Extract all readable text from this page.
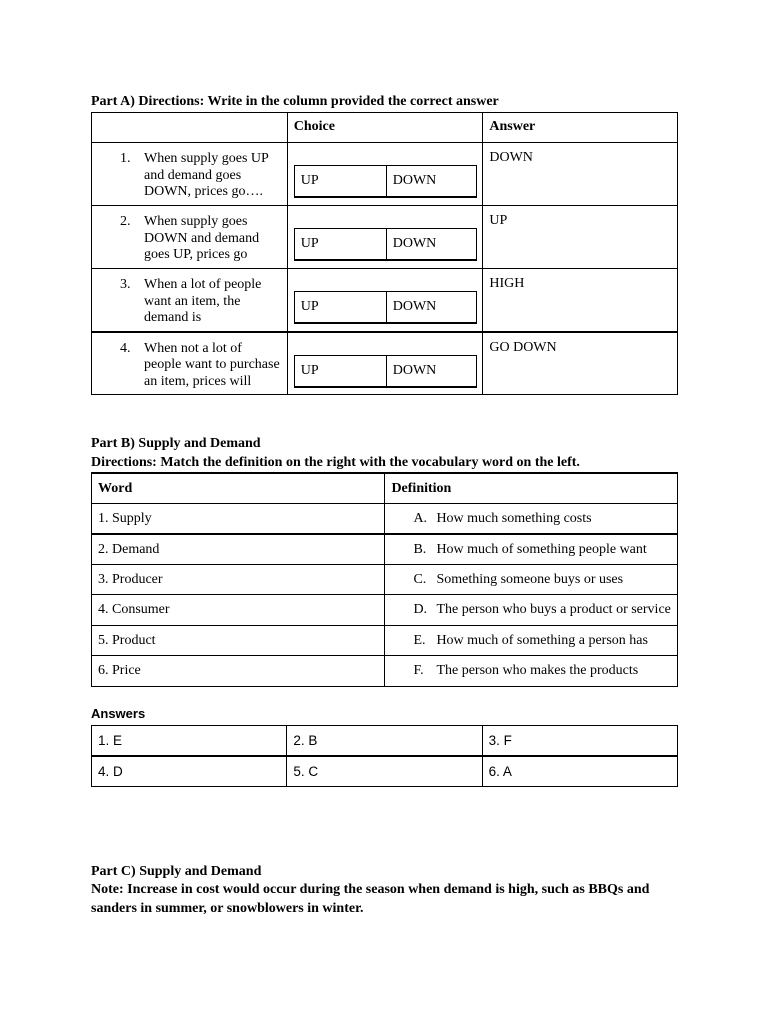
Part A) Directions: Write in the column provided the correct answer
	Choice	Answer

1. When supply goes UP and demand goes DOWN, prices go….	UP DOWN	DOWN

2. When supply goes DOWN and demand goes UP, prices go	UP DOWN	UP

3. When a lot of people want an item, the demand is	UP DOWN	HIGH

4. When not a lot of people want to purchase an item, prices will	UP DOWN	GO DOWN
Part B) Supply and Demand
Directions: Match the definition on the right with the vocabulary word on the left.
Word	Definition
1. Supply	A. How much something costs

2. Demand	B. How much of something people want

3. Producer	C. Something someone buys or uses

4. Consumer	D. The person who buys a product or service

5. Product	E. How much of something a person has

6. Price	F. The person who makes the products
Answers
1. E	2. B	3. F
4. D	5. C	6. A
Part C) Supply and Demand
Note: Increase in cost would occur during the season when demand is high, such as BBQs and sanders in summer, or snowblowers in winter.
